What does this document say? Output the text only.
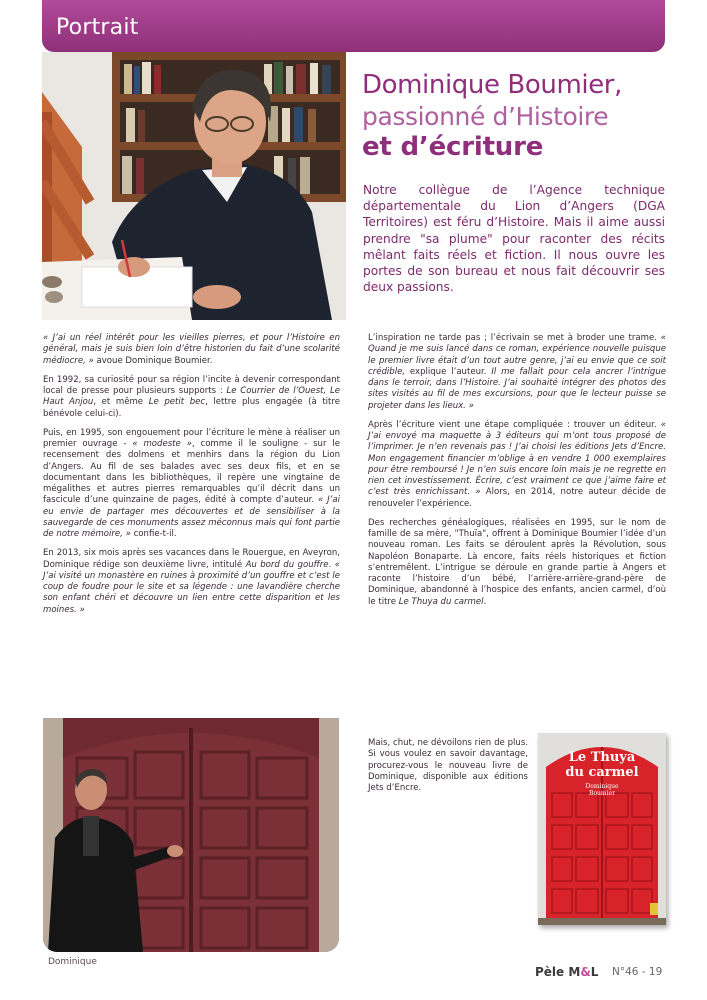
Portrait
Dominique Boumier,
passionné d’Histoire
et d’écriture

Notre collègue de l’Agence technique départementale du Lion d’Angers (DGA Territoires) est féru d’Histoire. Mais il aime aussi prendre "sa plume" pour raconter des récits mêlant faits réels et fiction. Il nous ouvre les portes de son bureau et nous fait découvrir ses deux passions.

« J’ai un réel intérêt pour les vieilles pierres, et pour l’Histoire en général, mais je suis bien loin d’être historien du fait d’une scolarité médiocre, » avoue Dominique Boumier.

En 1992, sa curiosité pour sa région l’incite à devenir correspondant local de presse pour plusieurs supports : Le Courrier de l’Ouest, Le Haut Anjou, et même Le petit bec, lettre plus engagée (à titre bénévole celui-ci).

Puis, en 1995, son engouement pour l’écriture le mène à réaliser un premier ouvrage - « modeste », comme il le souligne - sur le recensement des dolmens et menhirs dans la région du Lion d’Angers. Au fil de ses balades avec ses deux fils, et en se documentant dans les bibliothèques, il repère une vingtaine de mégalithes et autres pierres remarquables qu’il décrit dans un fascicule d’une quinzaine de pages, édité à compte d’auteur. « J’ai eu envie de partager mes découvertes et de sensibiliser à la sauvegarde de ces monuments assez méconnus mais qui font partie de notre mémoire, » confie-t-il.

En 2013, six mois après ses vacances dans le Rouergue, en Aveyron, Dominique rédige son deuxième livre, intitulé Au bord du gouffre. « J’ai visité un monastère en ruines à proximité d’un gouffre et c’est le coup de foudre pour le site et sa légende : une lavandière cherche son enfant chéri et découvre un lien entre cette disparition et les moines. »

Dominique

L’inspiration ne tarde pas ; l’écrivain se met à broder une trame. « Quand je me suis lancé dans ce roman, expérience nouvelle puisque le premier livre était d’un tout autre genre, j’ai eu envie que ce soit crédible, explique l’auteur. Il me fallait pour cela ancrer l’intrigue dans le terroir, dans l’Histoire. J’ai souhaité intégrer des photos des sites visités au fil de mes excursions, pour que le lecteur puisse se projeter dans les lieux. »

Après l’écriture vient une étape compliquée : trouver un éditeur. « J’ai envoyé ma maquette à 3 éditeurs qui m’ont tous proposé de l’imprimer. Je n’en revenais pas ! J’ai choisi les éditions Jets d’Encre. Mon engagement financier m’oblige à en vendre 1 000 exemplaires pour être remboursé ! Je n’en suis encore loin mais je ne regrette en rien cet investissement. Écrire, c’est vraiment ce que j’aime faire et c’est très enrichissant. » Alors, en 2014, notre auteur décide de renouveler l’expérience.

Des recherches généalogiques, réalisées en 1995, sur le nom de famille de sa mère, "Thuïa", offrent à Dominique Boumier l’idée d’un nouveau roman. Les faits se déroulent après la Révolution, sous Napoléon Bonaparte. Là encore, faits réels historiques et fiction s’entremêlent. L’intrigue se déroule en grande partie à Angers et raconte l’histoire d’un bébé, l’arrière-arrière-grand-père de Dominique, abandonné à l’hospice des enfants, ancien carmel, d’où le titre Le Thuya du carmel.

Mais, chut, ne dévoilons rien de plus. Si vous voulez en savoir davantage, procurez-vous le nouveau livre de Dominique, disponible aux éditions Jets d’Encre.

Le Thuya
du carmel
Dominique
Boumier
Pèle M&L N°46 - 19
